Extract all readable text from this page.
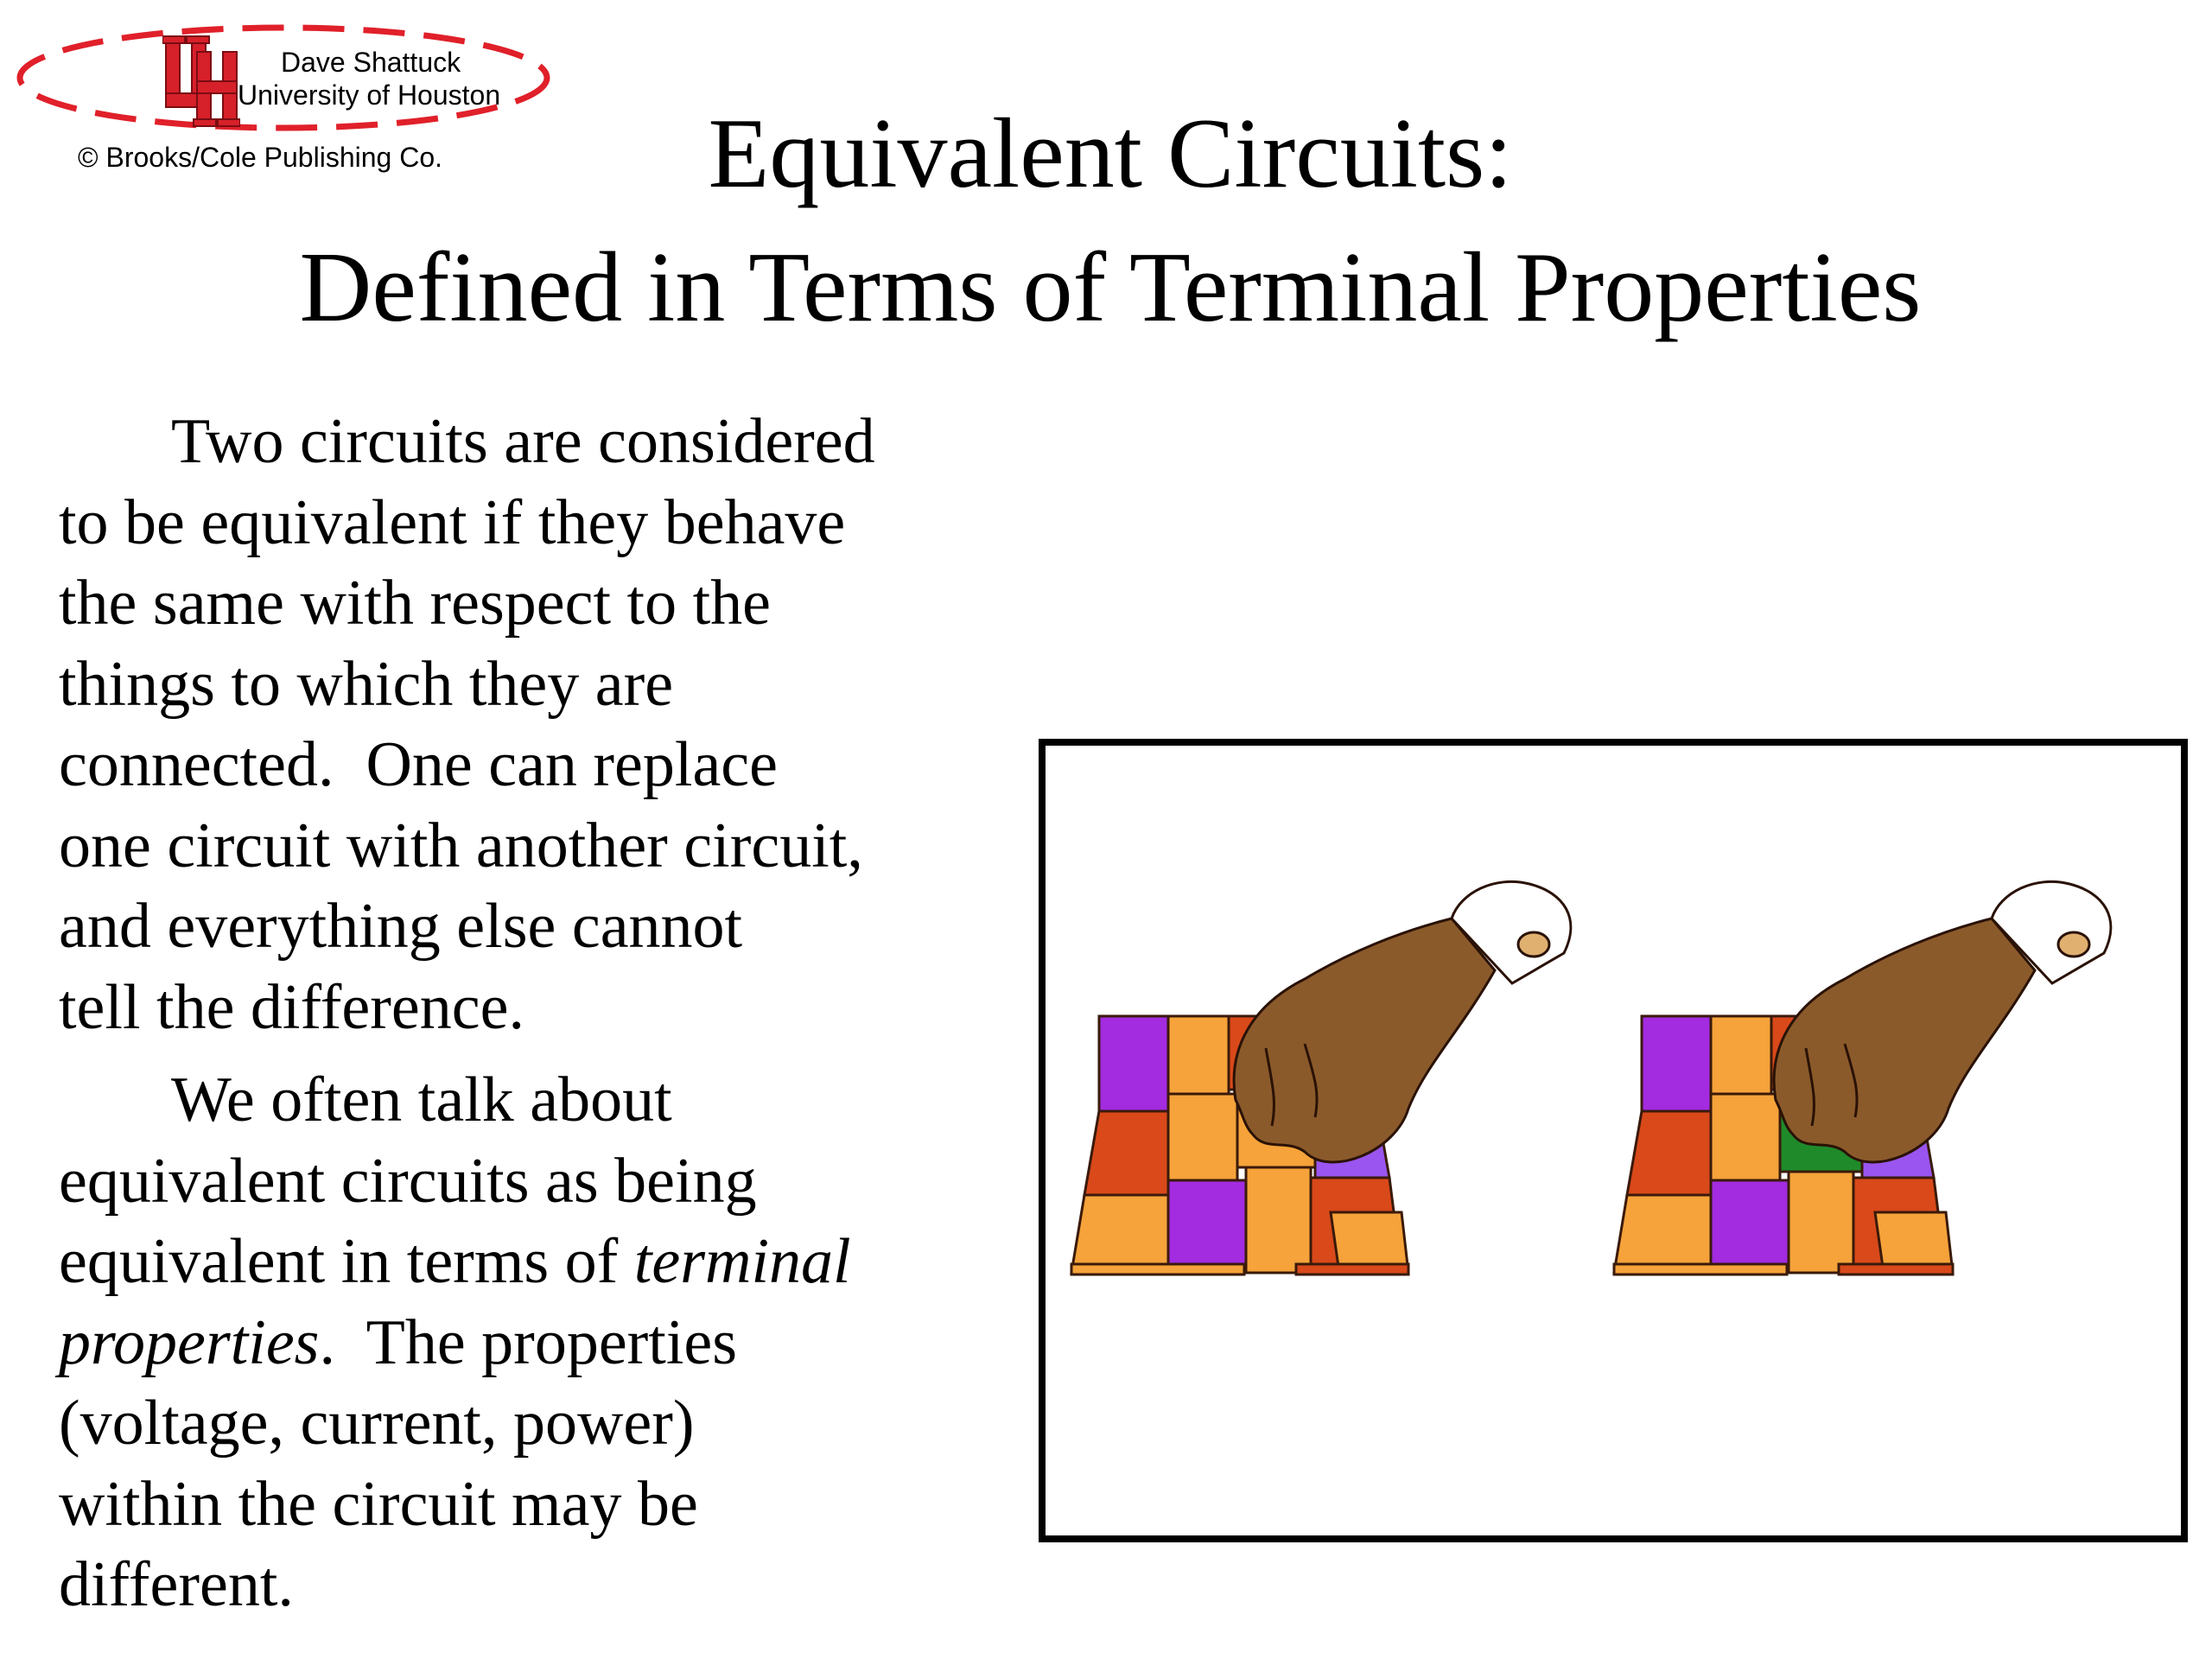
Dave Shattuck
University of Houston
© Brooks/Cole Publishing Co.	Equivalent Circuits:
Defined in Terms of Terminal Properties

Two circuits are considered
to be equivalent if they behave
the same with respect to the
things to which they are
connected.  One can replace
one circuit with another circuit,
and everything else cannot
tell the difference.

We often talk about
equivalent circuits as being
equivalent in terms of terminal
properties.  The properties
(voltage, current, power)
within the circuit may be
different.
